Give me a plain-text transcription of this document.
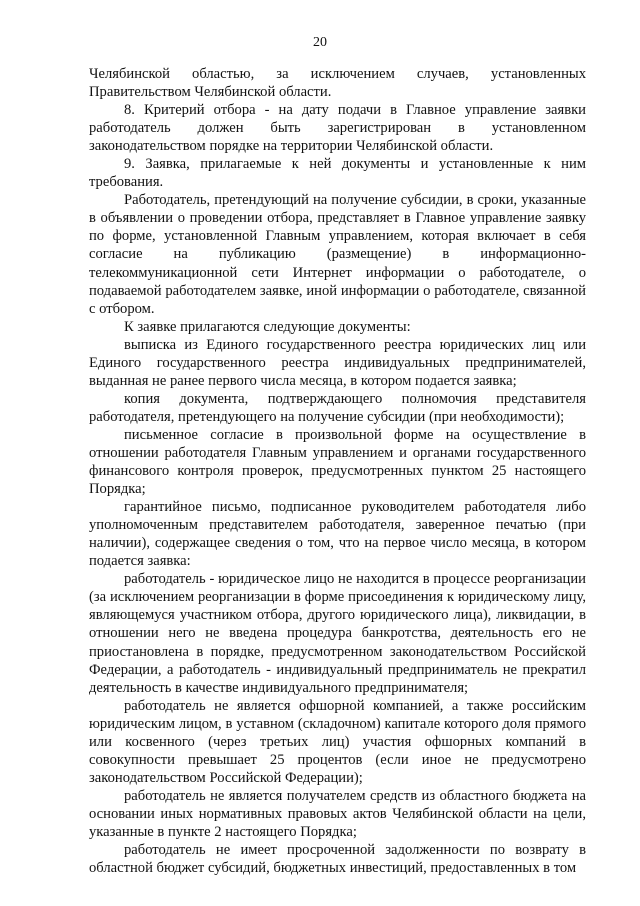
20

Челябинской областью, за исключением случаев, установленных Правительством Челябинской области.

8. Критерий отбора - на дату подачи в Главное управление заявки работодатель должен быть зарегистрирован в установленном законодательством порядке на территории Челябинской области.

9. Заявка, прилагаемые к ней документы и установленные к ним требования.

Работодатель, претендующий на получение субсидии, в сроки, указанные в объявлении о проведении отбора, представляет в Главное управление заявку по форме, установленной Главным управлением, которая включает в себя согласие на публикацию (размещение) в информационно-телекоммуникационной сети Интернет информации о работодателе, о подаваемой работодателем заявке, иной информации о работодателе, связанной с отбором.

К заявке прилагаются следующие документы:

выписка из Единого государственного реестра юридических лиц или Единого государственного реестра индивидуальных предпринимателей, выданная не ранее первого числа месяца, в котором подается заявка;

копия документа, подтверждающего полномочия представителя работодателя, претендующего на получение субсидии (при необходимости);

письменное согласие в произвольной форме на осуществление в отношении работодателя Главным управлением и органами государственного финансового контроля проверок, предусмотренных пунктом 25 настоящего Порядка;

гарантийное письмо, подписанное руководителем работодателя либо уполномоченным представителем работодателя, заверенное печатью (при наличии), содержащее сведения о том, что на первое число месяца, в котором подается заявка:

работодатель - юридическое лицо не находится в процессе реорганизации (за исключением реорганизации в форме присоединения к юридическому лицу, являющемуся участником отбора, другого юридического лица), ликвидации, в отношении него не введена процедура банкротства, деятельность его не приостановлена в порядке, предусмотренном законодательством Российской Федерации, а работодатель - индивидуальный предприниматель не прекратил деятельность в качестве индивидуального предпринимателя;

работодатель не является офшорной компанией, а также российским юридическим лицом, в уставном (складочном) капитале которого доля прямого или косвенного (через третьих лиц) участия офшорных компаний в совокупности превышает 25 процентов (если иное не предусмотрено законодательством Российской Федерации);

работодатель не является получателем средств из областного бюджета на основании иных нормативных правовых актов Челябинской области на цели, указанные в пункте 2 настоящего Порядка;

работодатель не имеет просроченной задолженности по возврату в областной бюджет субсидий, бюджетных инвестиций, предоставленных в том
